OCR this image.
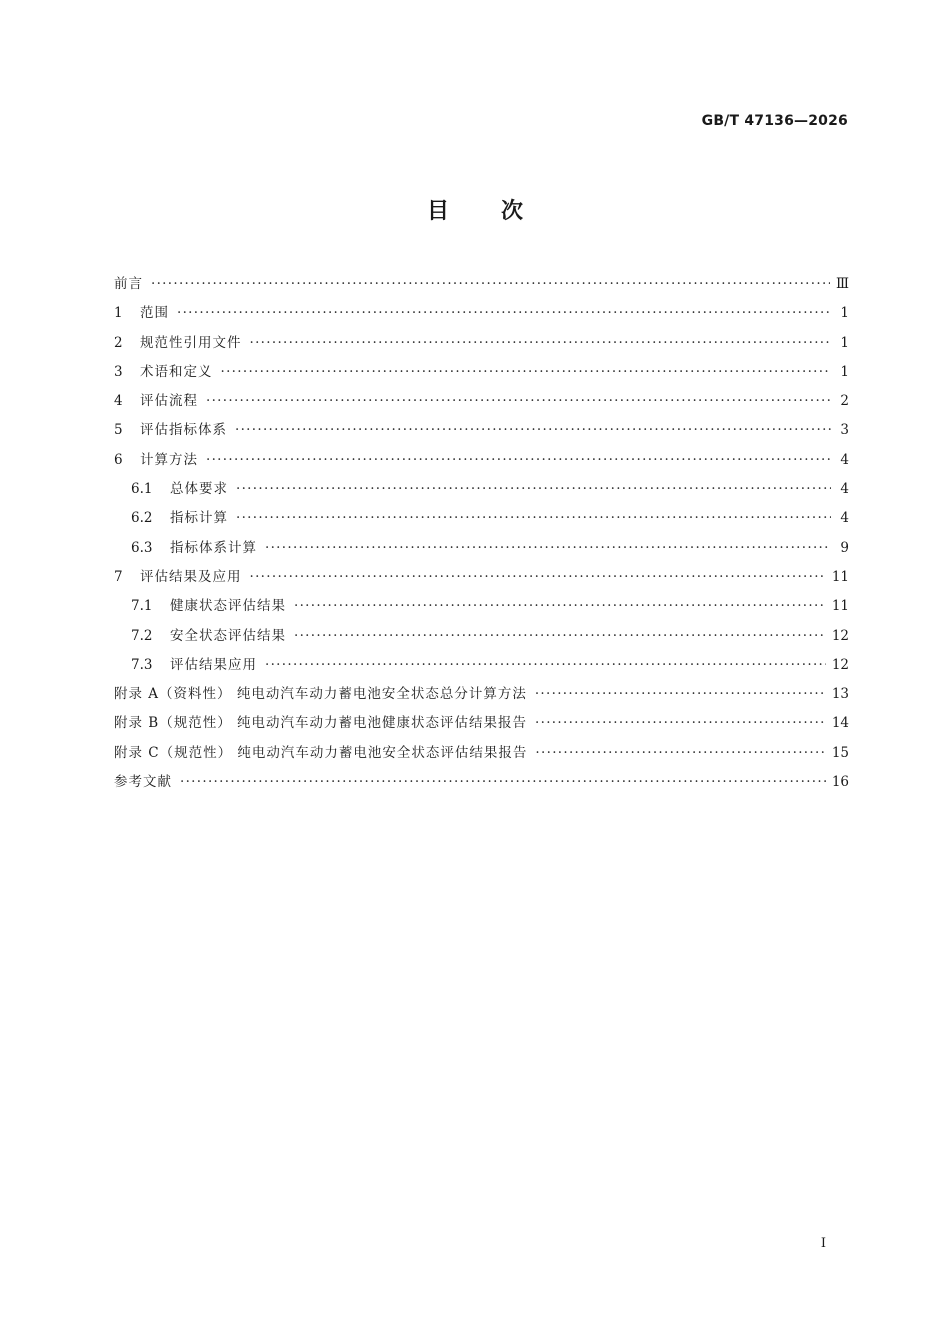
GB/T 47136—2026
目次
前言 ·····	Ⅲ
1	范围 ·····	1
2	规范性引用文件 ·····	1
3	术语和定义 ·····	1
4	评估流程 ·····	2
5	评估指标体系 ·····	3
6	计算方法 ·····	4
6.1	总体要求 ·····	4
6.2	指标计算 ·····	4
6.3	指标体系计算 ·····	9
7	评估结果及应用 ·····	11
7.1	健康状态评估结果 ·····	11
7.2	安全状态评估结果 ·····	12
7.3	评估结果应用 ·····	12
附录 A（资料性） 纯电动汽车动力蓄电池安全状态总分计算方法 ·····	13
附录 B（规范性） 纯电动汽车动力蓄电池健康状态评估结果报告 ·····	14
附录 C（规范性） 纯电动汽车动力蓄电池安全状态评估结果报告 ·····	15
参考文献 ·····	16
I
